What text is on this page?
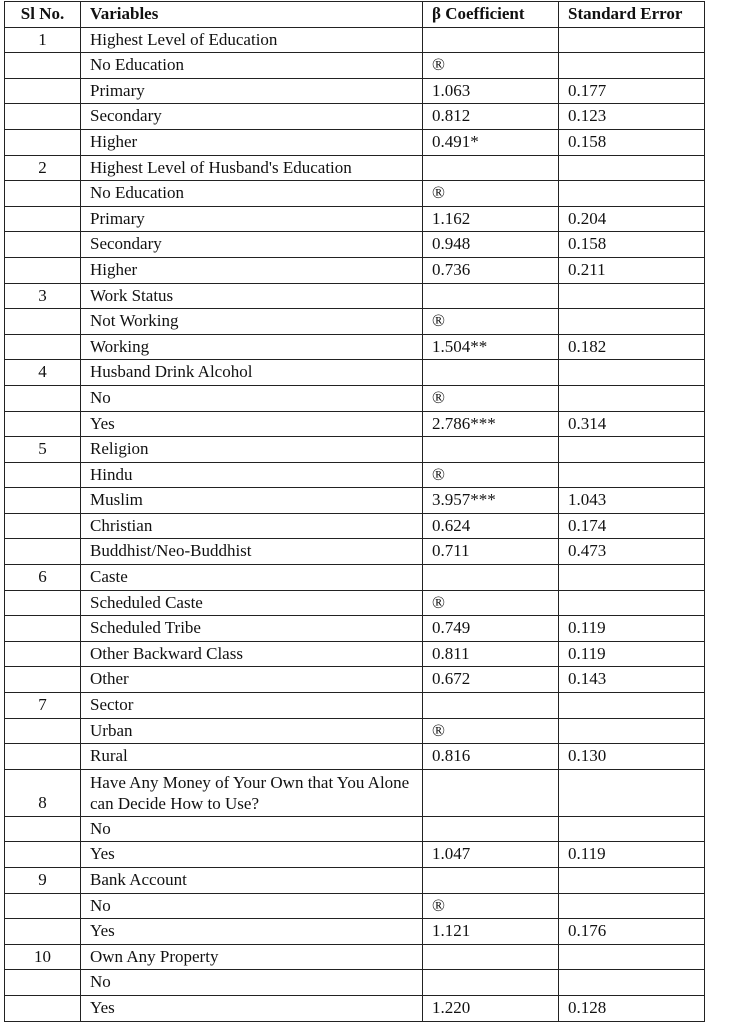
Sl No.	Variables	β Coefficient	Standard Error
1	Highest Level of Education		
	No Education	®	
	Primary	1.063	0.177
	Secondary	0.812	0.123
	Higher	0.491*	0.158
2	Highest Level of Husband's Education		
	No Education	®	
	Primary	1.162	0.204
	Secondary	0.948	0.158
	Higher	0.736	0.211
3	Work Status		
	Not Working	®	
	Working	1.504**	0.182
4	Husband Drink Alcohol		
	No	®	
	Yes	2.786***	0.314
5	Religion		
	Hindu	®	
	Muslim	3.957***	1.043
	Christian	0.624	0.174
	Buddhist/Neo-Buddhist	0.711	0.473
6	Caste		
	Scheduled Caste	®	
	Scheduled Tribe	0.749	0.119
	Other Backward Class	0.811	0.119
	Other	0.672	0.143
7	Sector		
	Urban	®	
	Rural	0.816	0.130
8	Have Any Money of Your Own that You Alone can Decide How to Use?		
	No		
	Yes	1.047	0.119
9	Bank Account		
	No	®	
	Yes	1.121	0.176
10	Own Any Property		
	No		
	Yes	1.220	0.128
